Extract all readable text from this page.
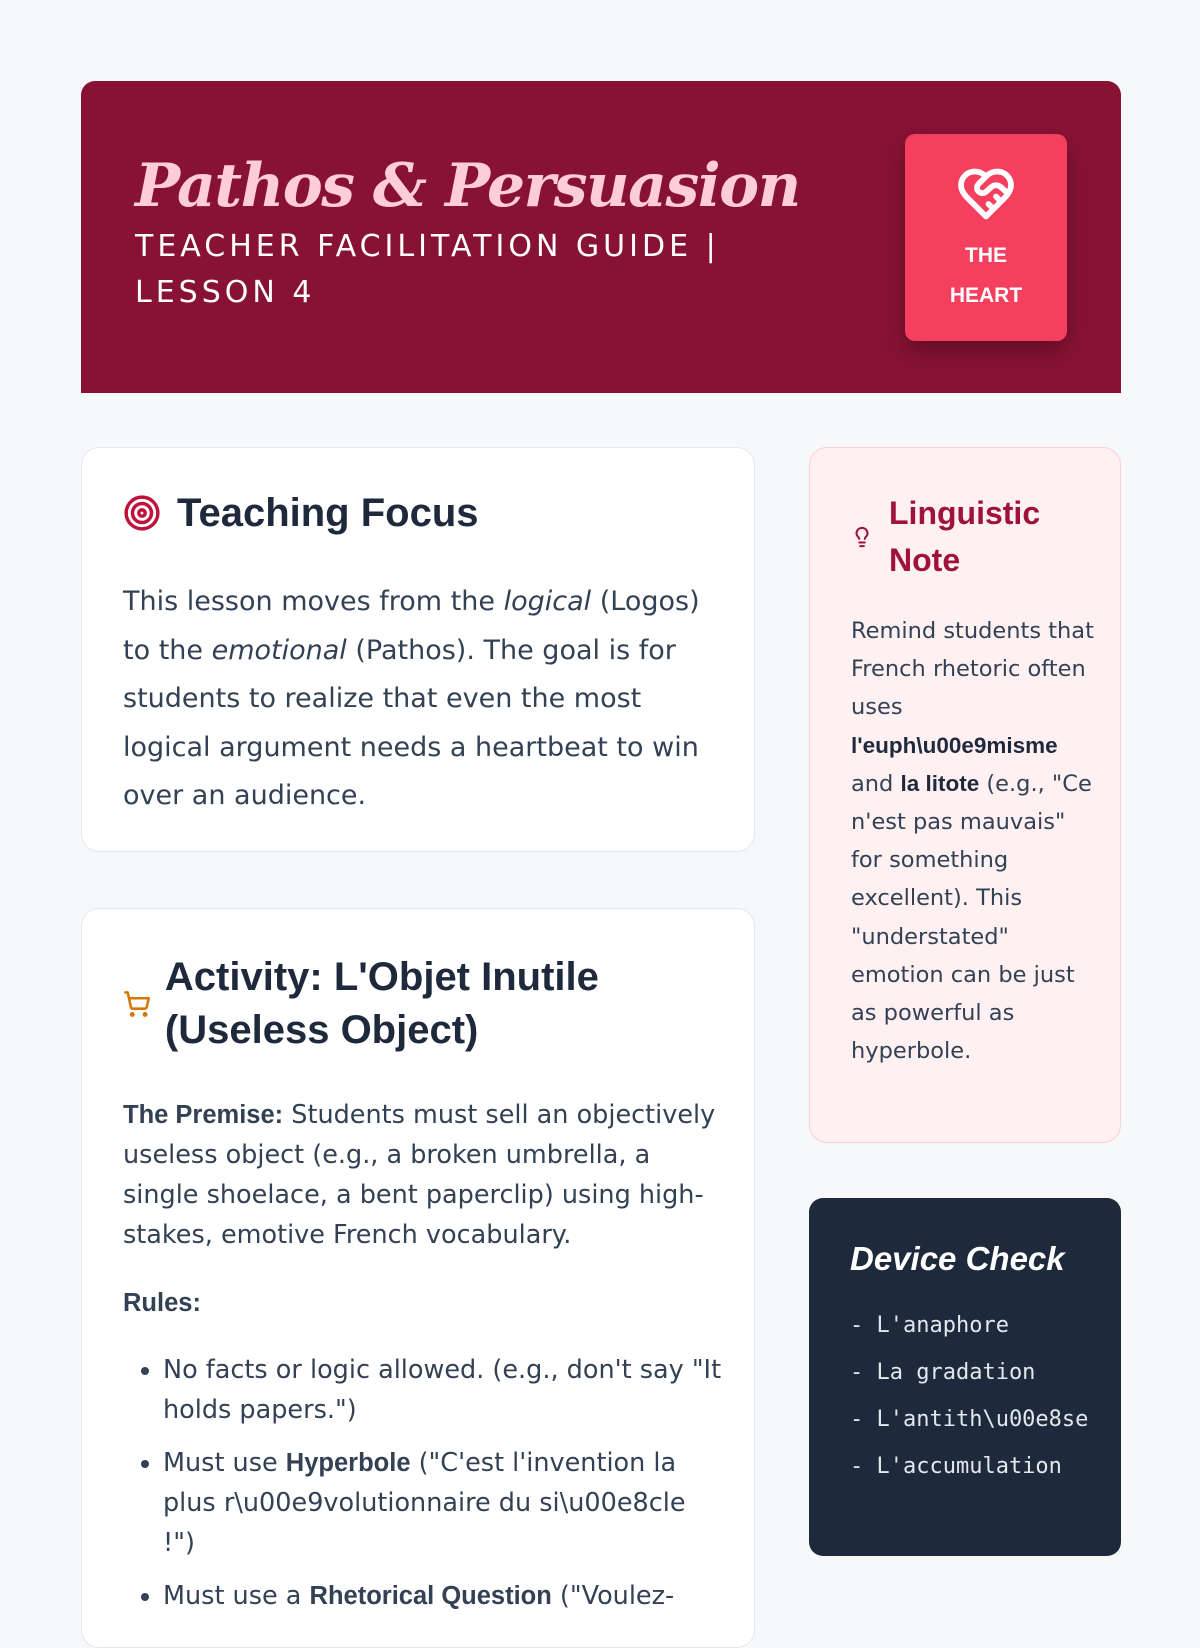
Pathos & Persuasion

TEACHER FACILITATION GUIDE | LESSON 4

THE HEART
Teaching Focus

This lesson moves from the logical (Logos) to the emotional (Pathos). The goal is for students to realize that even the most logical argument needs a heartbeat to win over an audience.

Activity: L'Objet Inutile (Useless Object)

The Premise: Students must sell an objectively useless object (e.g., a broken umbrella, a single shoelace, a bent paperclip) using high-stakes, emotive French vocabulary.

Rules:

• No facts or logic allowed. (e.g., don't say "It holds papers.")
• Must use Hyperbole ("C'est l'invention la plus r\u00e9volutionnaire du si\u00e8cle !")
• Must use a Rhetorical Question ("Voulez-
Linguistic Note

Remind students that French rhetoric often uses l'euph\u00e9misme and la litote (e.g., "Ce n'est pas mauvais" for something excellent). This "understated" emotion can be just as powerful as hyperbole.

Device Check
- L'anaphore
- La gradation
- L'antith\u00e8se
- L'accumulation
